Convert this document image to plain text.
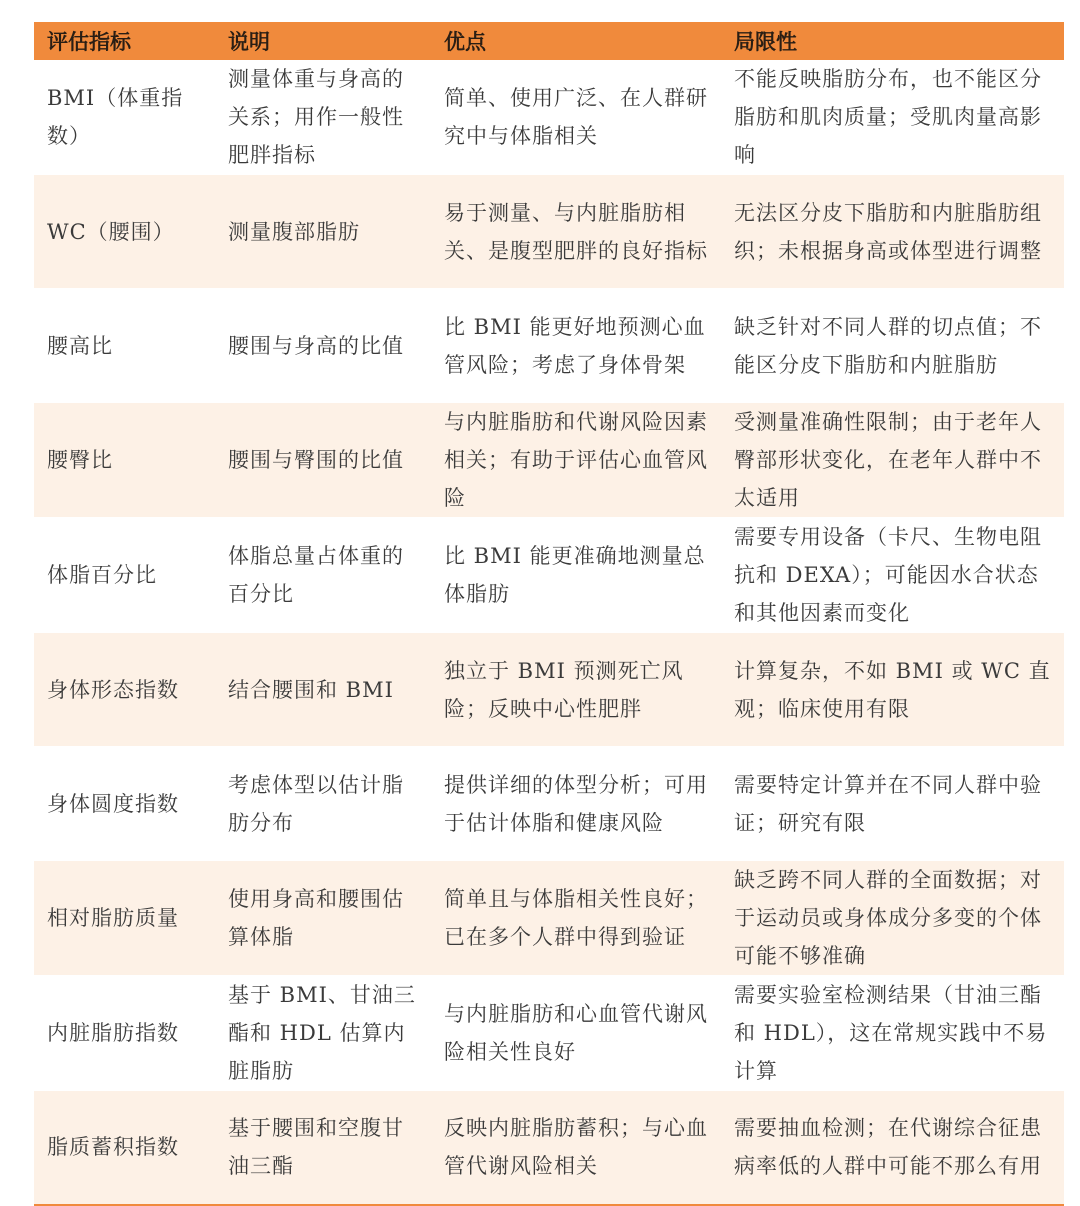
评估指标	说明	优点	局限性
BMI（体重指数）	测量体重与身高的关系；用作一般性肥胖指标	简单、使用广泛、在人群研究中与体脂相关	不能反映脂肪分布，也不能区分脂肪和肌肉质量；受肌肉量高影响
WC（腰围）	测量腹部脂肪	易于测量、与内脏脂肪相关、是腹型肥胖的良好指标	无法区分皮下脂肪和内脏脂肪组织；未根据身高或体型进行调整
腰高比	腰围与身高的比值	比 BMI 能更好地预测心血管风险；考虑了身体骨架	缺乏针对不同人群的切点值；不能区分皮下脂肪和内脏脂肪
腰臀比	腰围与臀围的比值	与内脏脂肪和代谢风险因素相关；有助于评估心血管风险	受测量准确性限制；由于老年人臀部形状变化，在老年人群中不太适用
体脂百分比	体脂总量占体重的百分比	比 BMI 能更准确地测量总体脂肪	需要专用设备（卡尺、生物电阻抗和 DEXA）；可能因水合状态和其他因素而变化
身体形态指数	结合腰围和 BMI	独立于 BMI 预测死亡风险；反映中心性肥胖	计算复杂，不如 BMI 或 WC 直观；临床使用有限
身体圆度指数	考虑体型以估计脂肪分布	提供详细的体型分析；可用于估计体脂和健康风险	需要特定计算并在不同人群中验证；研究有限
相对脂肪质量	使用身高和腰围估算体脂	简单且与体脂相关性良好；已在多个人群中得到验证	缺乏跨不同人群的全面数据；对于运动员或身体成分多变的个体可能不够准确
内脏脂肪指数	基于 BMI、甘油三酯和 HDL 估算内脏脂肪	与内脏脂肪和心血管代谢风险相关性良好	需要实验室检测结果（甘油三酯和 HDL），这在常规实践中不易计算
脂质蓄积指数	基于腰围和空腹甘油三酯	反映内脏脂肪蓄积；与心血管代谢风险相关	需要抽血检测；在代谢综合征患病率低的人群中可能不那么有用
